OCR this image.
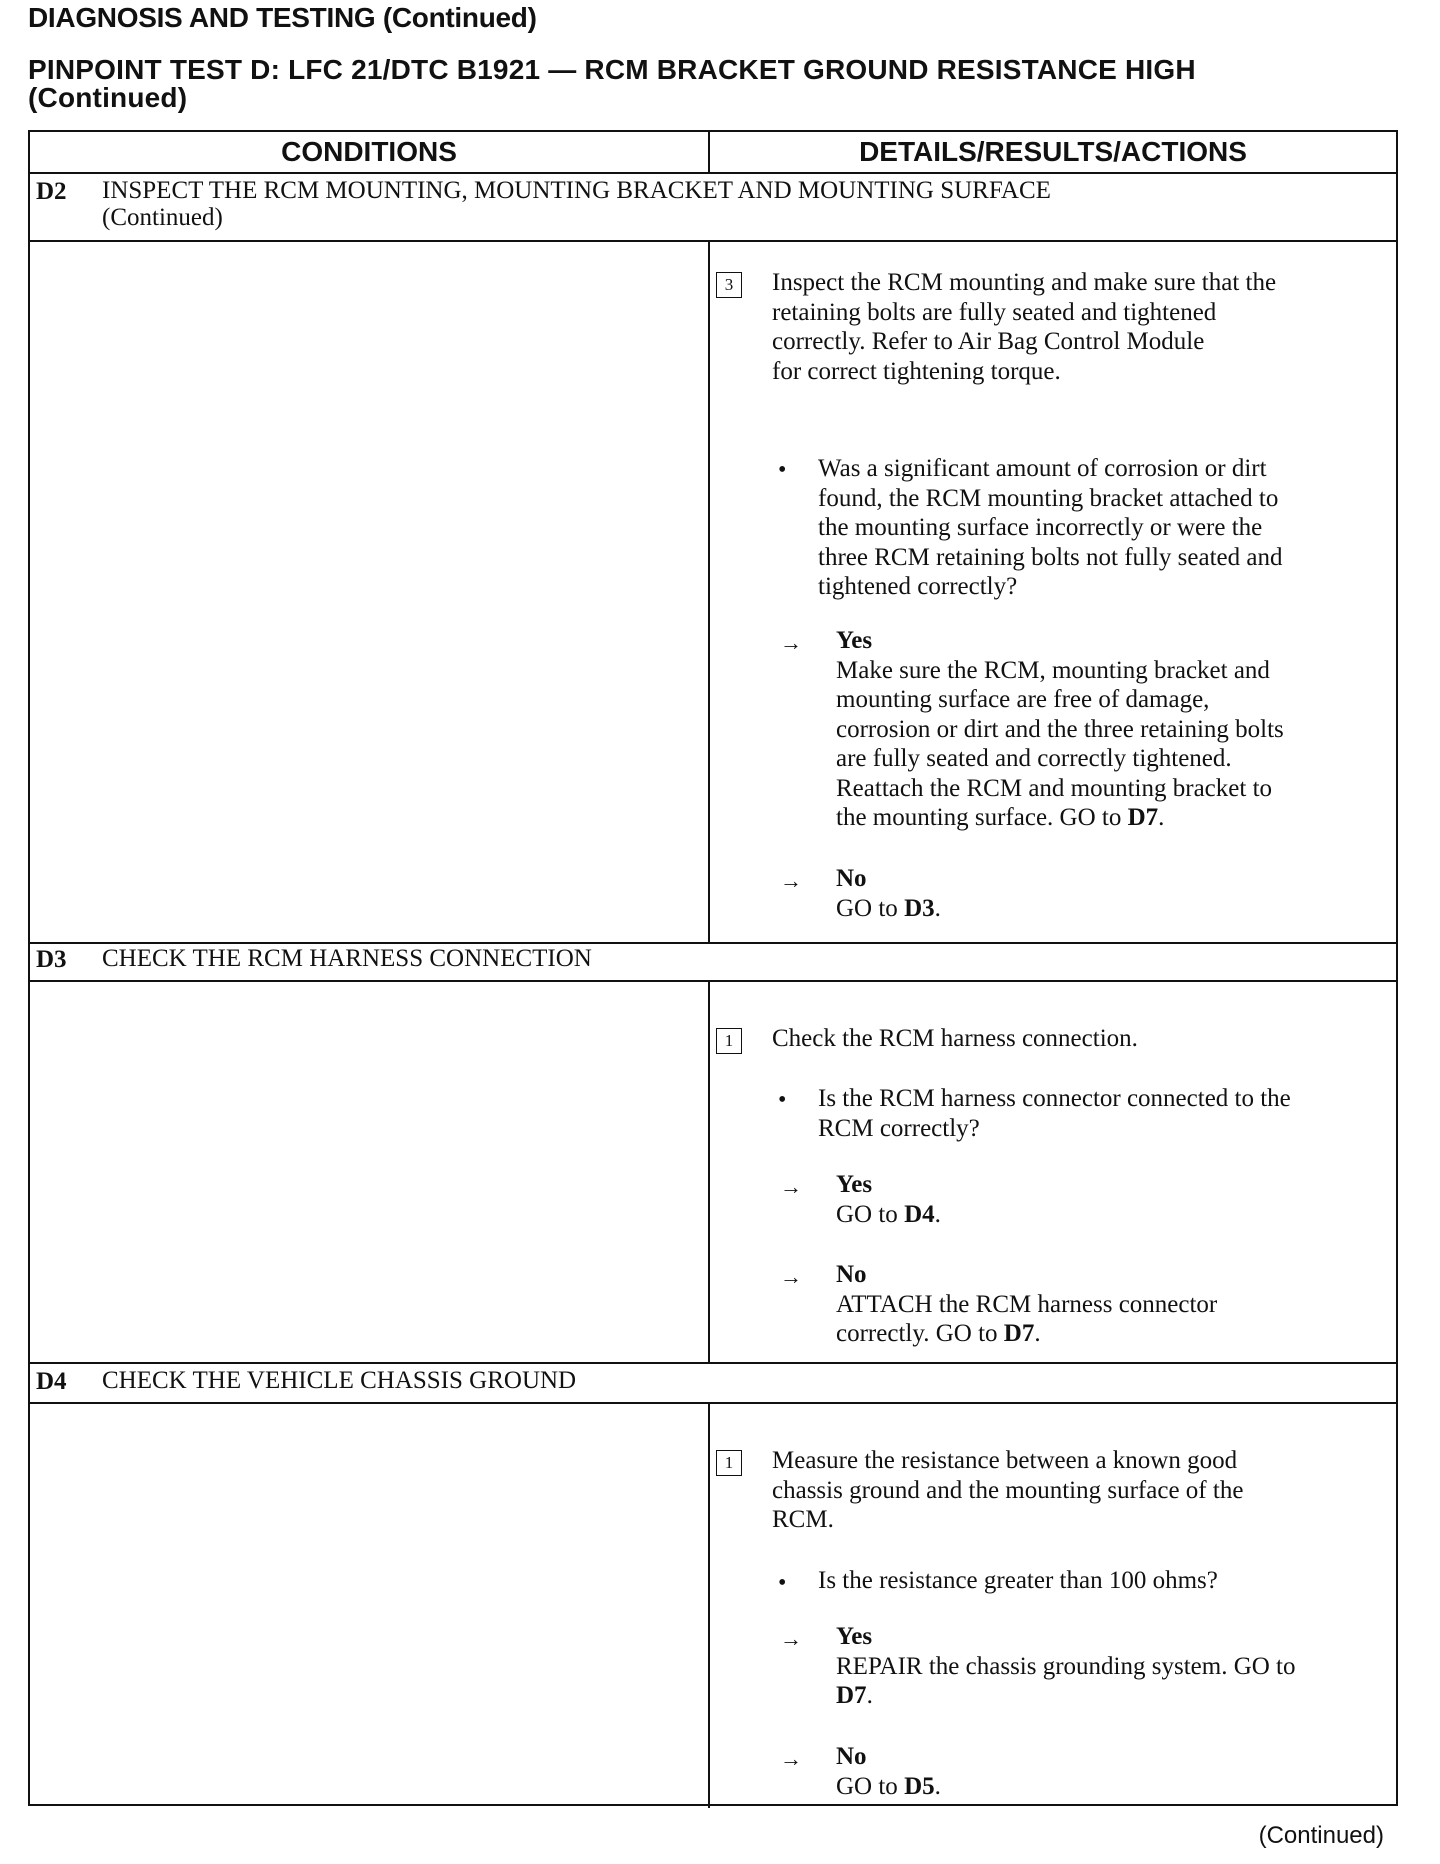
DIAGNOSIS AND TESTING (Continued)
PINPOINT TEST D: LFC 21/DTC B1921 — RCM BRACKET GROUND RESISTANCE HIGH
(Continued)
CONDITIONS	DETAILS/RESULTS/ACTIONS
D2 INSPECT THE RCM MOUNTING, MOUNTING BRACKET AND MOUNTING SURFACE
(Continued)
3	Inspect the RCM mounting and make sure that the
retaining bolts are fully seated and tightened
correctly. Refer to Air Bag Control Module
for correct tightening torque.
• Was a significant amount of corrosion or dirt
found, the RCM mounting bracket attached to
the mounting surface incorrectly or were the
three RCM retaining bolts not fully seated and
tightened correctly?
→ Yes
Make sure the RCM, mounting bracket and
mounting surface are free of damage,
corrosion or dirt and the three retaining bolts
are fully seated and correctly tightened.
Reattach the RCM and mounting bracket to
the mounting surface. GO to D7.
→ No
GO to D3.
D3 CHECK THE RCM HARNESS CONNECTION
1	Check the RCM harness connection.
• Is the RCM harness connector connected to the
RCM correctly?
→ Yes
GO to D4.
→ No
ATTACH the RCM harness connector
correctly. GO to D7.
D4 CHECK THE VEHICLE CHASSIS GROUND
1	Measure the resistance between a known good
chassis ground and the mounting surface of the
RCM.
• Is the resistance greater than 100 ohms?
→ Yes
REPAIR the chassis grounding system. GO to
D7.
→ No
GO to D5.
(Continued)
